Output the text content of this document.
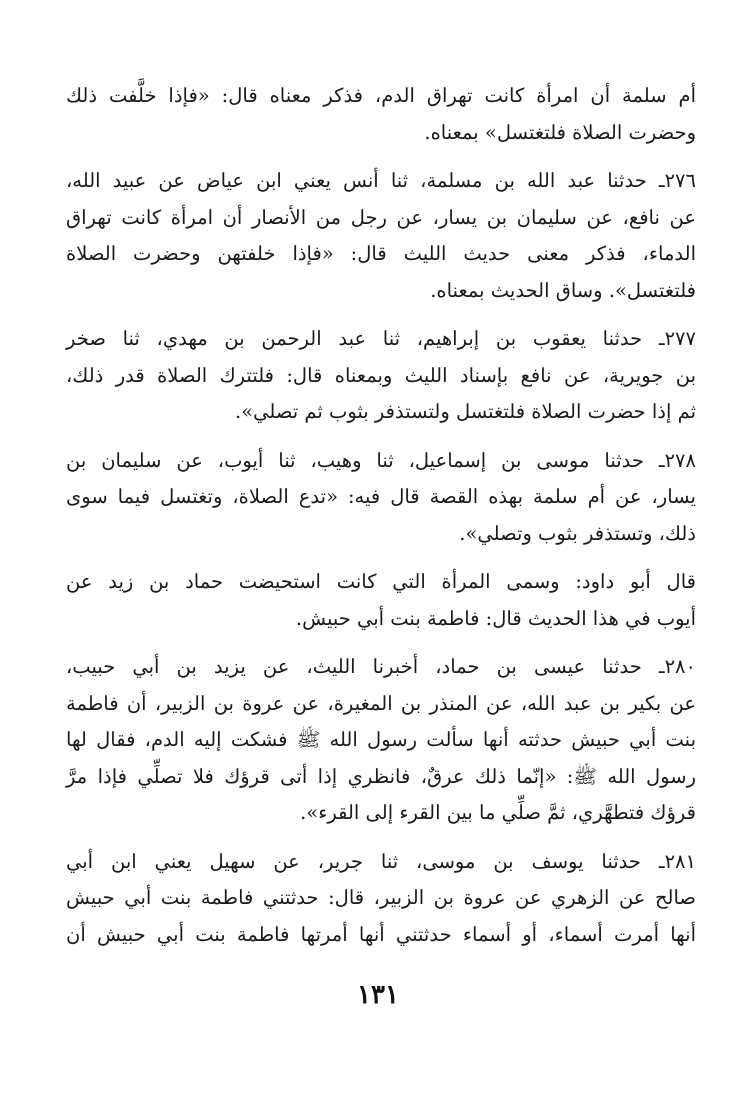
أم سلمة أن امرأة كانت تهراق الدم، فذكر معناه قال: «فإذا خلَّفت ذلك
وحضرت الصلاة فلتغتسل» بمعناه.
٢٧٦ـ حدثنا عبد الله بن مسلمة، ثنا أنس يعني ابن عياض عن عبيد الله،
عن نافع، عن سليمان بن يسار، عن رجل من الأنصار أن امرأة كانت تهراق
الدماء، فذكر معنى حديث الليث قال: «فإذا خلفتهن وحضرت الصلاة
فلتغتسل». وساق الحديث بمعناه.
٢٧٧ـ حدثنا يعقوب بن إبراهيم، ثنا عبد الرحمن بن مهدي، ثنا صخر
بن جويرية، عن نافع بإسناد الليث وبمعناه قال: فلتترك الصلاة قدر ذلك،
ثم إذا حضرت الصلاة فلتغتسل ولتستذفر بثوب ثم تصلي».
٢٧٨ـ حدثنا موسى بن إسماعيل، ثنا وهيب، ثنا أيوب، عن سليمان بن
يسار، عن أم سلمة بهذه القصة قال فيه: «تدع الصلاة، وتغتسل فيما سوى
ذلك، وتستذفر بثوب وتصلي».
قال أبو داود: وسمى المرأة التي كانت استحيضت حماد بن زيد عن
أيوب في هذا الحديث قال: فاطمة بنت أبي حبيش.
٢٨٠ـ حدثنا عيسى بن حماد، أخبرنا الليث، عن يزيد بن أبي حبيب،
عن بكير بن عبد الله، عن المنذر بن المغيرة، عن عروة بن الزبير، أن فاطمة
بنت أبي حبيش حدثته أنها سألت رسول الله ﷺ فشكت إليه الدم، فقال لها
رسول الله ﷺ: «إنّما ذلك عرقٌ، فانظري إذا أتى قرؤك فلا تصلِّي فإذا مرَّ
قرؤك فتطهَّري، ثمَّ صلِّي ما بين القرء إلى القرء».
٢٨١ـ حدثنا يوسف بن موسى، ثنا جرير، عن سهيل يعني ابن أبي
صالح عن الزهري عن عروة بن الزبير، قال: حدثتني فاطمة بنت أبي حبيش
أنها أمرت أسماء، أو أسماء حدثتني أنها أمرتها فاطمة بنت أبي حبيش أن
١٣١
